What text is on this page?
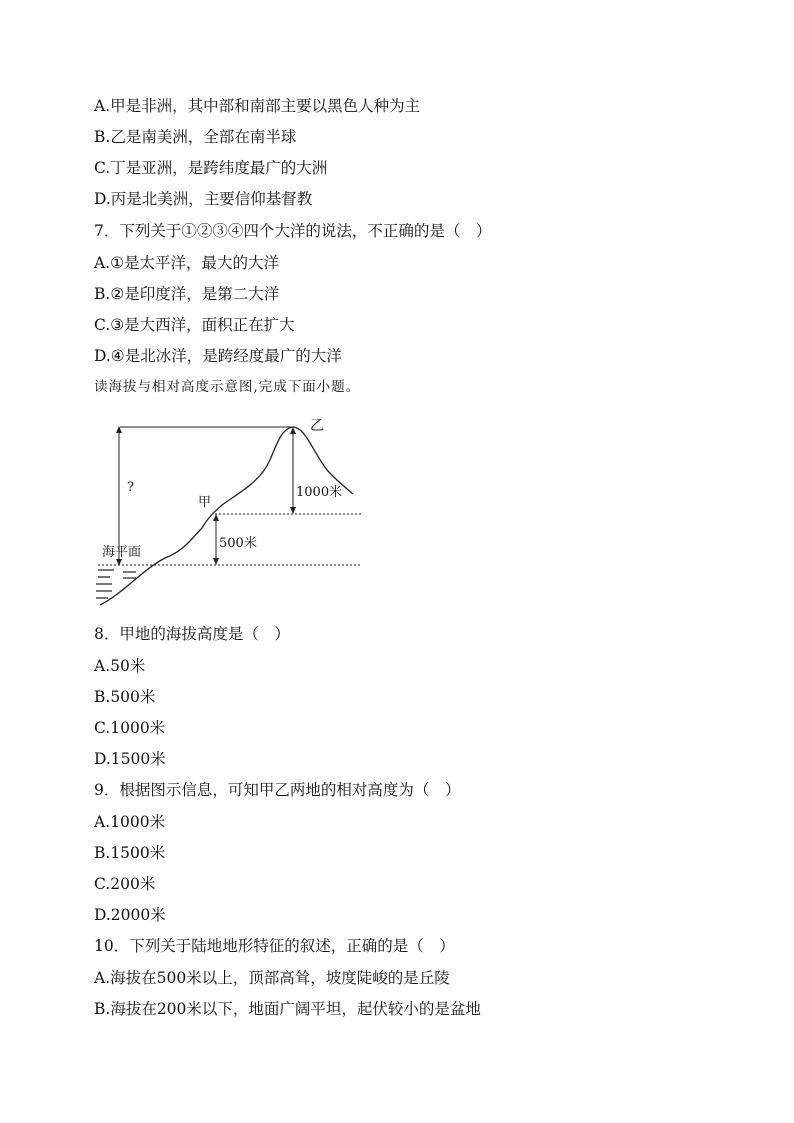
A.甲是非洲，其中部和南部主要以黑色人种为主
B.乙是南美洲，全部在南半球
C.丁是亚洲，是跨纬度最广的大洲
D.丙是北美洲，主要信仰基督教
7．下列关于①②③④四个大洋的说法，不正确的是（　）
A.①是太平洋，最大的大洋
B.②是印度洋，是第二大洋
C.③是大西洋，面积正在扩大
D.④是北冰洋，是跨经度最广的大洋
读海拔与相对高度示意图,完成下面小题。
乙
甲
?	1000米
500米
海平面
8．甲地的海拔高度是（　）
A.50米
B.500米
C.1000米
D.1500米
9．根据图示信息，可知甲乙两地的相对高度为（　）
A.1000米
B.1500米
C.200米
D.2000米
10．下列关于陆地地形特征的叙述，正确的是（　）
A.海拔在500米以上，顶部高耸，坡度陡峻的是丘陵
B.海拔在200米以下，地面广阔平坦，起伏较小的是盆地
